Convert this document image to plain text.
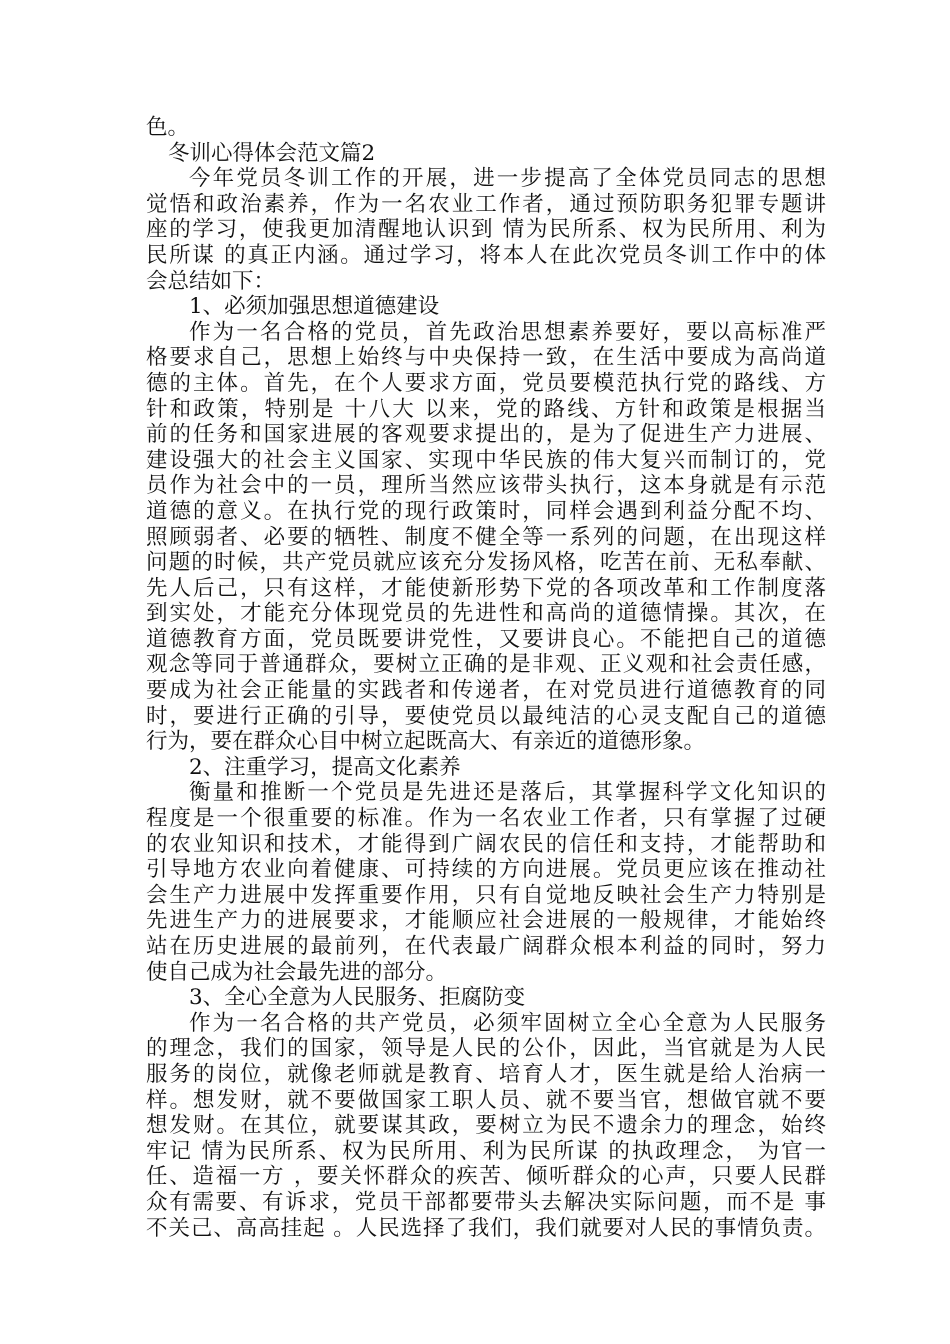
色。
冬训心得体会范文篇2
今年党员冬训工作的开展，进一步提高了全体党员同志的思想
觉悟和政治素养，作为一名农业工作者，通过预防职务犯罪专题讲
座的学习，使我更加清醒地认识到 情为民所系、权为民所用、利为
民所谋 的真正内涵。通过学习，将本人在此次党员冬训工作中的体
会总结如下：
1、必须加强思想道德建设
作为一名合格的党员，首先政治思想素养要好，要以高标准严
格要求自己，思想上始终与中央保持一致，在生活中要成为高尚道
德的主体。首先，在个人要求方面，党员要模范执行党的路线、方
针和政策，特别是 十八大 以来，党的路线、方针和政策是根据当
前的任务和国家进展的客观要求提出的，是为了促进生产力进展、
建设强大的社会主义国家、实现中华民族的伟大复兴而制订的，党
员作为社会中的一员，理所当然应该带头执行，这本身就是有示范
道德的意义。在执行党的现行政策时，同样会遇到利益分配不均、
照顾弱者、必要的牺牲、制度不健全等一系列的问题，在出现这样
问题的时候，共产党员就应该充分发扬风格，吃苦在前、无私奉献、
先人后己，只有这样，才能使新形势下党的各项改革和工作制度落
到实处，才能充分体现党员的先进性和高尚的道德情操。其次，在
道德教育方面，党员既要讲党性，又要讲良心。不能把自己的道德
观念等同于普通群众，要树立正确的是非观、正义观和社会责任感，
要成为社会正能量的实践者和传递者，在对党员进行道德教育的同
时，要进行正确的引导，要使党员以最纯洁的心灵支配自己的道德
行为，要在群众心目中树立起既高大、有亲近的道德形象。
2、注重学习，提高文化素养
衡量和推断一个党员是先进还是落后，其掌握科学文化知识的
程度是一个很重要的标准。作为一名农业工作者，只有掌握了过硬
的农业知识和技术，才能得到广阔农民的信任和支持，才能帮助和
引导地方农业向着健康、可持续的方向进展。党员更应该在推动社
会生产力进展中发挥重要作用，只有自觉地反映社会生产力特别是
先进生产力的进展要求，才能顺应社会进展的一般规律，才能始终
站在历史进展的最前列，在代表最广阔群众根本利益的同时，努力
使自己成为社会最先进的部分。
3、全心全意为人民服务、拒腐防变
作为一名合格的共产党员，必须牢固树立全心全意为人民服务
的理念，我们的国家，领导是人民的公仆，因此，当官就是为人民
服务的岗位，就像老师就是教育、培育人才，医生就是给人治病一
样。想发财，就不要做国家工职人员、就不要当官，想做官就不要
想发财。在其位，就要谋其政，要树立为民不遗余力的理念，始终
牢记 情为民所系、权为民所用、利为民所谋 的执政理念， 为官一
任、造福一方 ，要关怀群众的疾苦、倾听群众的心声，只要人民群
众有需要、有诉求，党员干部都要带头去解决实际问题，而不是 事
不关己、高高挂起 。人民选择了我们，我们就要对人民的事情负责。
